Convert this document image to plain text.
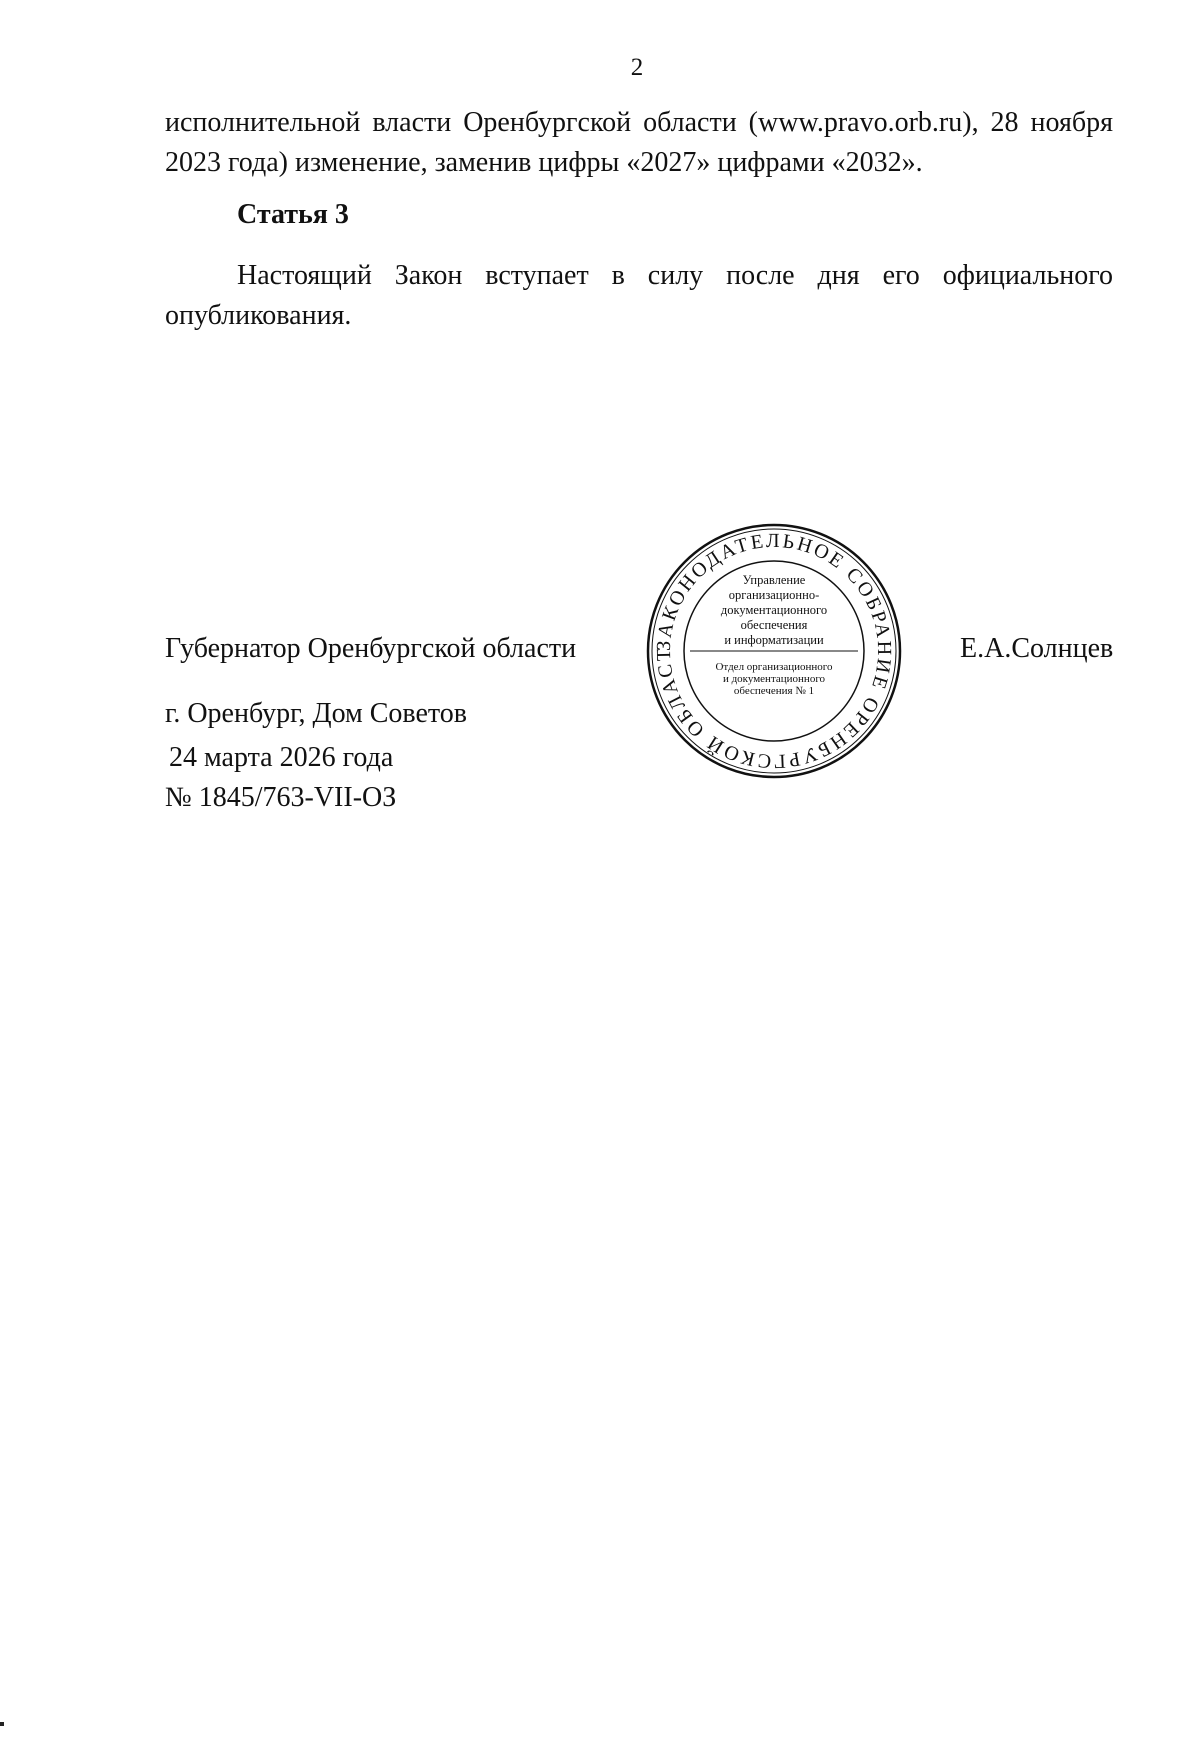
2
исполнительной власти Оренбургской области (www.pravo.orb.ru), 28 ноября
2023 года) изменение, заменив цифры «2027» цифрами «2032».
Статья 3
Настоящий Закон вступает в силу после дня его официального
опубликования.
Губернатор Оренбургской области	ЗАКОНОДАТЕЛЬНОЕ СОБРАНИЕ ОРЕНБУРГСКОЙ ОБЛАСТ
Управление
организационно-
документационного
обеспечения
и информатизации
Отдел организационного
и документационного
обеспечения № 1
Е.А.Солнцев
г. Оренбург, Дом Советов
24 марта 2026 года
№ 1845/763-VII-ОЗ
